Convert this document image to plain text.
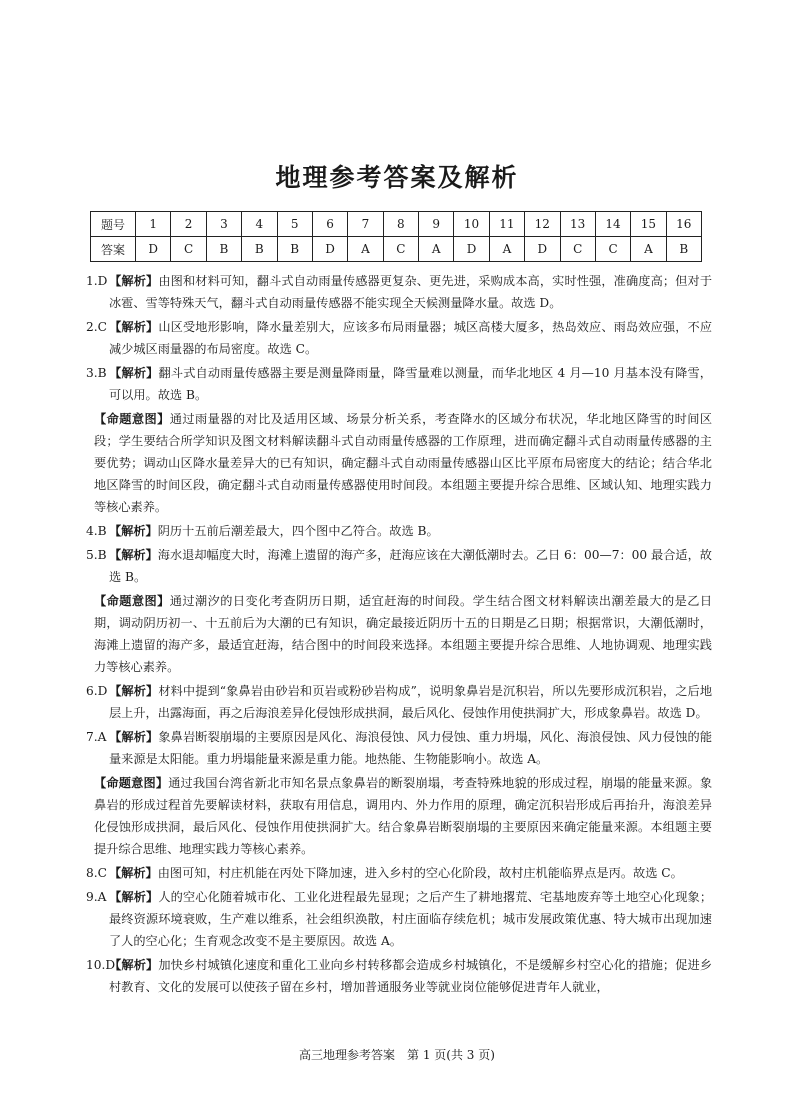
地理参考答案及解析
题号	1	2	3	4	5	6	7	8	9	10	11	12	13	14	15	16
答案	D	C	B	B	B	D	A	C	A	D	A	D	C	C	A	B

1.D 【解析】由图和材料可知，翻斗式自动雨量传感器更复杂、更先进，采购成本高，实时性强，准确度高；但对于冰雹、雪等特殊天气，翻斗式自动雨量传感器不能实现全天候测量降水量。故选 D。

2.C 【解析】山区受地形影响，降水量差别大，应该多布局雨量器；城区高楼大厦多，热岛效应、雨岛效应强，不应减少城区雨量器的布局密度。故选 C。

3.B 【解析】翻斗式自动雨量传感器主要是测量降雨量，降雪量难以测量，而华北地区 4 月—10 月基本没有降雪，可以用。故选 B。

【命题意图】通过雨量器的对比及适用区域、场景分析关系，考查降水的区域分布状况，华北地区降雪的时间区段；学生要结合所学知识及图文材料解读翻斗式自动雨量传感器的工作原理，进而确定翻斗式自动雨量传感器的主要优势；调动山区降水量差异大的已有知识，确定翻斗式自动雨量传感器山区比平原布局密度大的结论；结合华北地区降雪的时间区段，确定翻斗式自动雨量传感器使用时间段。本组题主要提升综合思维、区域认知、地理实践力等核心素养。

4.B 【解析】阴历十五前后潮差最大，四个图中乙符合。故选 B。

5.B 【解析】海水退却幅度大时，海滩上遗留的海产多，赶海应该在大潮低潮时去。乙日 6：00—7：00 最合适，故选 B。

【命题意图】通过潮汐的日变化考查阴历日期，适宜赶海的时间段。学生结合图文材料解读出潮差最大的是乙日期，调动阴历初一、十五前后为大潮的已有知识，确定最接近阴历十五的日期是乙日期；根据常识，大潮低潮时，海滩上遗留的海产多，最适宜赶海，结合图中的时间段来选择。本组题主要提升综合思维、人地协调观、地理实践力等核心素养。

6.D 【解析】材料中提到“象鼻岩由砂岩和页岩或粉砂岩构成”，说明象鼻岩是沉积岩，所以先要形成沉积岩，之后地层上升，出露海面，再之后海浪差异化侵蚀形成拱洞，最后风化、侵蚀作用使拱洞扩大，形成象鼻岩。故选 D。

7.A 【解析】象鼻岩断裂崩塌的主要原因是风化、海浪侵蚀、风力侵蚀、重力坍塌，风化、海浪侵蚀、风力侵蚀的能量来源是太阳能。重力坍塌能量来源是重力能。地热能、生物能影响小。故选 A。

【命题意图】通过我国台湾省新北市知名景点象鼻岩的断裂崩塌，考查特殊地貌的形成过程，崩塌的能量来源。象鼻岩的形成过程首先要解读材料，获取有用信息，调用内、外力作用的原理，确定沉积岩形成后再抬升，海浪差异化侵蚀形成拱洞，最后风化、侵蚀作用使拱洞扩大。结合象鼻岩断裂崩塌的主要原因来确定能量来源。本组题主要提升综合思维、地理实践力等核心素养。

8.C 【解析】由图可知，村庄机能在丙处下降加速，进入乡村的空心化阶段，故村庄机能临界点是丙。故选 C。

9.A 【解析】人的空心化随着城市化、工业化进程最先显现；之后产生了耕地撂荒、宅基地废弃等土地空心化现象；最终资源环境衰败，生产难以维系，社会组织涣散，村庄面临存续危机；城市发展政策优惠、特大城市出现加速了人的空心化；生育观念改变不是主要原因。故选 A。

10.D【解析】加快乡村城镇化速度和重化工业向乡村转移都会造成乡村城镇化，不是缓解乡村空心化的措施；促进乡村教育、文化的发展可以使孩子留在乡村，增加普通服务业等就业岗位能够促进青年人就业，

高三地理参考答案　第 1 页(共 3 页)
